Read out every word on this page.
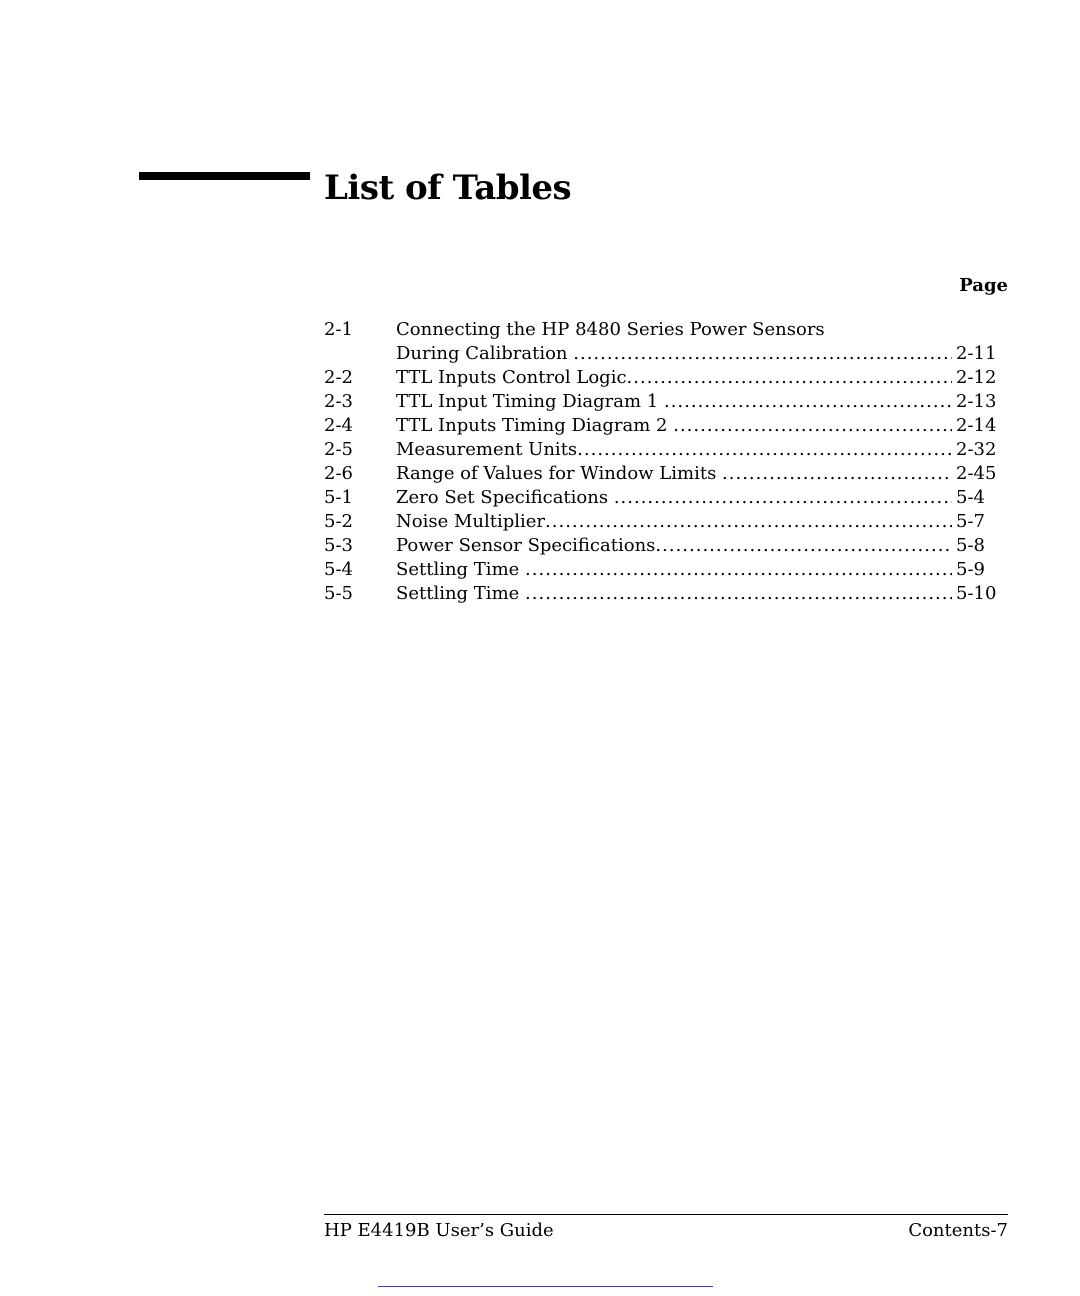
List of Tables
Page
2-1 Connecting the HP 8480 Series Power Sensors
During Calibration .....	2-11
2-2 TTL Inputs Control Logic .....	2-12
2-3 TTL Input Timing Diagram 1 .....	2-13
2-4 TTL Inputs Timing Diagram 2 .....	2-14
2-5 Measurement Units .....	2-32
2-6 Range of Values for Window Limits .....	2-45
5-1 Zero Set Specifications .....	5-4
5-2 Noise Multiplier .....	5-7
5-3 Power Sensor Specifications .....	5-8
5-4 Settling Time .....	5-9
5-5 Settling Time .....	5-10
HP E4419B User’s Guide	Contents-7
